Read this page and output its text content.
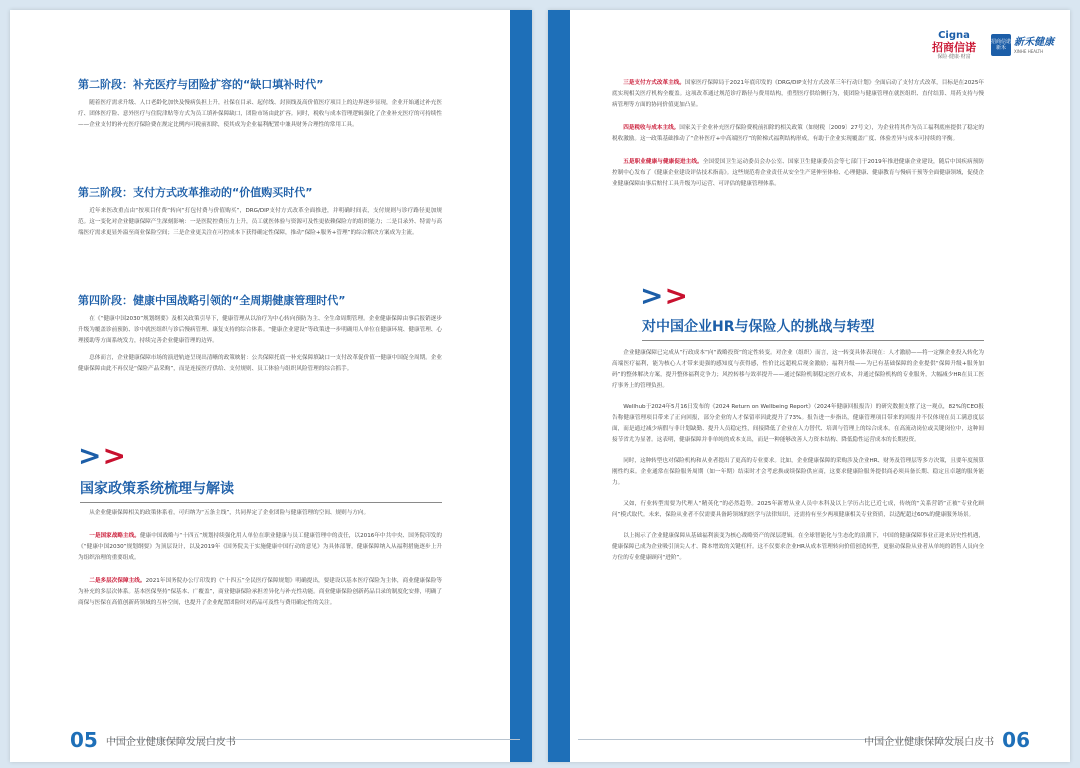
第二阶段：补充医疗与团险扩容的“缺口填补时代”

随着医疗需求升级、人口老龄化加快及慢病负担上升，社保在目录、起付线、封顶线及高价值医疗项目上的边界逐步显现，企业开始通过补充医疗、团体医疗险、意外医疗与住院津贴等方式为员工填补保障缺口，团险市场由此扩容。同时，税收与成本管理逻辑强化了企业补充医疗的可持续性——企业支付的补充医疗保险费在规定比例内可税前扣除，使其成为企业福利配置中兼具财务合理性的常用工具。

第三阶段：支付方式改革推动的“价值购买时代”

近年来医改重点由“按项目付费”转向“打包付费与价值购买”，DRG/DIP支付方式改革全面推进，并明确时间表，支付规则与诊疗路径更加规范。这一变化对企业健康保障产生深刻影响：一是医院控费压力上升，员工就医体验与资源可及性更依赖保险方的组织能力；二是目录外、特需与高端医疗需求更显外溢至商业保险空间；三是企业更关注在可控成本下获得确定性保障，推动“保险+服务+管理”的综合解决方案成为主流。

第四阶段：健康中国战略引领的“全周期健康管理时代”

在《“健康中国2030”规划纲要》及相关政策引导下，健康管理从以治疗为中心转向预防为主、全生命周期管理。企业健康保障由事后报销逐步升级为覆盖诊前预防、诊中就医组织与诊后慢病管理、康复支持的综合体系。“健康企业建设”等政策进一步明确用人单位在健康环境、健康管理、心理援助等方面系统发力，持续完善企业健康管理的边界。

总体而言，企业健康保障市场的演进轨迹呈现出清晰的政策映射：公共保障托底一补充保障填缺口一支付改革促价值一健康中国促全周期。企业健康保障由此不再仅是“保险产品采购”，而是连接医疗供给、支付规则、员工体验与组织风险管理的综合抓手。

> >
国家政策系统梳理与解读

从企业健康保障相关的政策体系看，可归纳为“五条主线”，共同界定了企业团险与健康管理的空间、规则与方向。

一是国家战略主线。健康中国战略与“十四五”规划持续强化用人单位在职业健康与员工健康管理中的责任，以2016年中共中央、国务院印发的《“健康中国2030”规划纲要》为顶层设计，以及2019年《国务院关于实施健康中国行动的意见》为具体部署，健康保障纳入从福利措施逐步上升为组织治理的重要组成。

二是多层次保障主线。2021年国务院办公厅印发的《“十四五”全民医疗保障规划》明确提出，要建设以基本医疗保险为主体，商业健康保险等为补充的多层次体系。基本医保坚持“保基本、广覆盖”，商业健康保险承担差异化与补充性功能。商业健康保险创新药品目录的制度化安排，明确了商保与医保在高值创新药领域的互补空间，也提升了企业配置团险时对药品可及性与费用确定性的关注。

05 中国企业健康保障发展白皮书
Cigna
招商信诺
保险·健康·财富
招商信诺 新禾
新禾健康
XINHE HEALTH

三是支付方式改革主线。国家医疗保障局于2021年底印发的《DRG/DIP支付方式改革三年行动计划》全面启动了支付方式改革，目标是在2025年底实现相关医疗机构全覆盖。这项改革通过规范诊疗路径与费用结构，重塑医疗供给侧行为，使团险与健康管理在就医组织、直付结算、用药支持与慢病管理等方面的协同价值更加凸显。

四是税收与成本主线。国家关于企业补充医疗保险费税前扣除的相关政策（如财税〔2009〕27号文），为企业将其作为员工福利底座提供了稳定的税收激励。这一政策基础推动了“企补医疗+中高端医疗”的阶梯式福利结构形成，有助于企业实现覆盖广度、体验差异与成本可持续的平衡。

五是职业健康与健康促进主线。全国爱国卫生运动委员会办公室、国家卫生健康委员会等七部门于2019年推进健康企业建设，随后中国疾病预防控制中心发布了《健康企业建设评估技术指南》。这些规范将企业责任从安全生产延伸至体检、心理健康、健康教育与慢病干预等全面健康领域，促使企业健康保障由事后赔付工具升级为可运营、可评估的健康管理体系。

> >
对中国企业HR与保险人的挑战与转型

企业健康保障已完成从“行政成本”向“战略投资”的定性转变。对企业（组织）而言，这一转变具体表现在：人才激励——将一定额企业投入转化为高端医疗福利，能为核心人才带来更强的感知度与获得感，性价比远超税后现金激励；福利升级——为已有基础保障的企业提供“保障升级+服务加码”的整体解决方案，提升整体福利竞争力；风控转移与效率提升——通过保险机制稳定医疗成本，并通过保险机构的专业服务，大幅减少HR在员工医疗事务上的管理负担。

Wellhub于2024年5月16日发布的《2024 Return on Wellbeing Report》（2024年健康回报报告）的研究数据支撑了这一观点，82%的CEO报告称健康管理项目带来了正向回报，部分企业的人才保留率因此提升了73%。报告进一步指出，健康管理项目带来的回报并不仅体现在员工满意度层面，而是通过减少病假与非计划缺勤、提升人员稳定性，间接降低了企业在人力替代、培训与管理上的综合成本。在高流动岗位或关键岗位中，这种间接节省尤为显著。这表明，健康保障并非单纯的成本支出，而是一种能够改善人力资本结构、降低隐性运营成本的长期投资。

同时，这种转型也对保险机构和从业者提出了更高的专业要求。比如，企业健康保障的采购涉及企业HR、财务及管理层等多方决策，且要年度预算刚性约束。企业通常在保险服务周期（如一年期）结束时才会考虑换或续保险供应商，这要求健康险服务提供商必须具备长期、稳定且卓越的服务能力。

又如，行业转型需要为代理人“精英化”的必然趋势。2025年新增从业人员中本科及以上学历占比已近七成，传统的“关系营销”正被“专业化顾问”模式取代。未来，保险从业者不仅需要具备跨领域的医学与法律知识，还需持有至少两项健康相关专业资质，以适配超过60%的健康服务场景。

以上揭示了企业健康保障从基础福利演变为核心战略资产的深层逻辑。在全球智能化与生态化的浪潮下，中国的健康保障事业正迎来历史性机遇，健康保障已成为企业吸引顶尖人才、降本增效的关键杠杆。这不仅要求企业HR从成本管理转向价值创造转型，更驱动保险从业者从单纯的销售人员向全方位的专业健康顾问“进阶”。

中国企业健康保障发展白皮书 06
